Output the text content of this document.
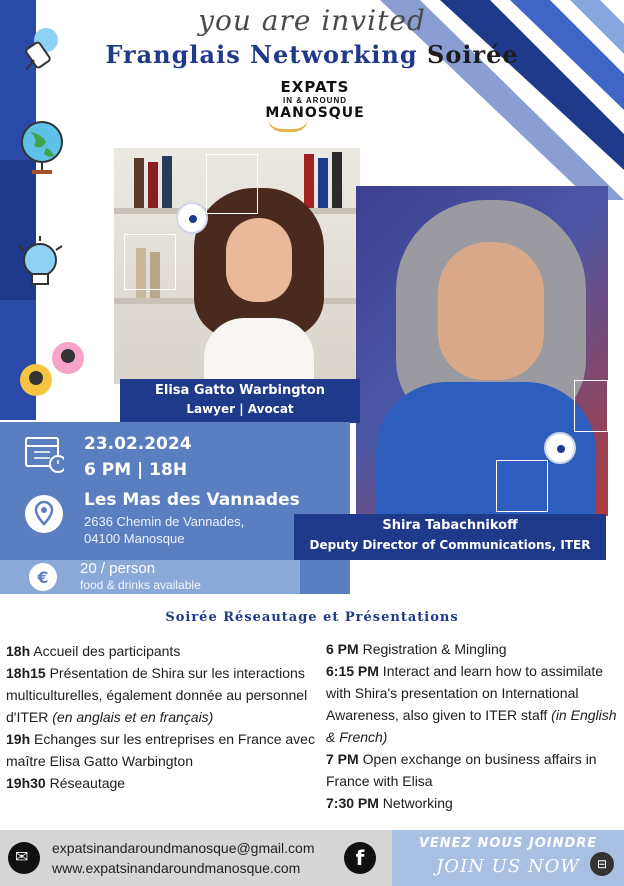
you are invited
Franglais Networking Soirée
EXPATS
IN & AROUND
MANOSQUE
Elisa Gatto Warbington
Lawyer | Avocat
Shira Tabachnikoff
Deputy Director of Communications, ITER
23.02.2024
6 PM | 18H
Les Mas des Vannades
2636 Chemin de Vannades,
04100 Manosque
€ 20 / person
food & drinks available
Soirée Réseautage et Présentations
18h Accueil des participants
18h15 Présentation de Shira sur les interactions multiculturelles, également donnée au personnel d'ITER (en anglais et en français)
19h Echanges sur les entreprises en France avec maître Elisa Gatto Warbington
19h30 Réseautage
6 PM Registration & Mingling
6:15 PM Interact and learn how to assimilate with Shira's presentation on International Awareness, also given to ITER staff (in English & French)
7 PM Open exchange on business affairs in France with Elisa
7:30 PM Networking
✉
expatsinandaroundmanosque@gmail.com
www.expatsinandaroundmanosque.com	f
VENEZ NOUS JOINDRE
JOIN US NOW	⊟
